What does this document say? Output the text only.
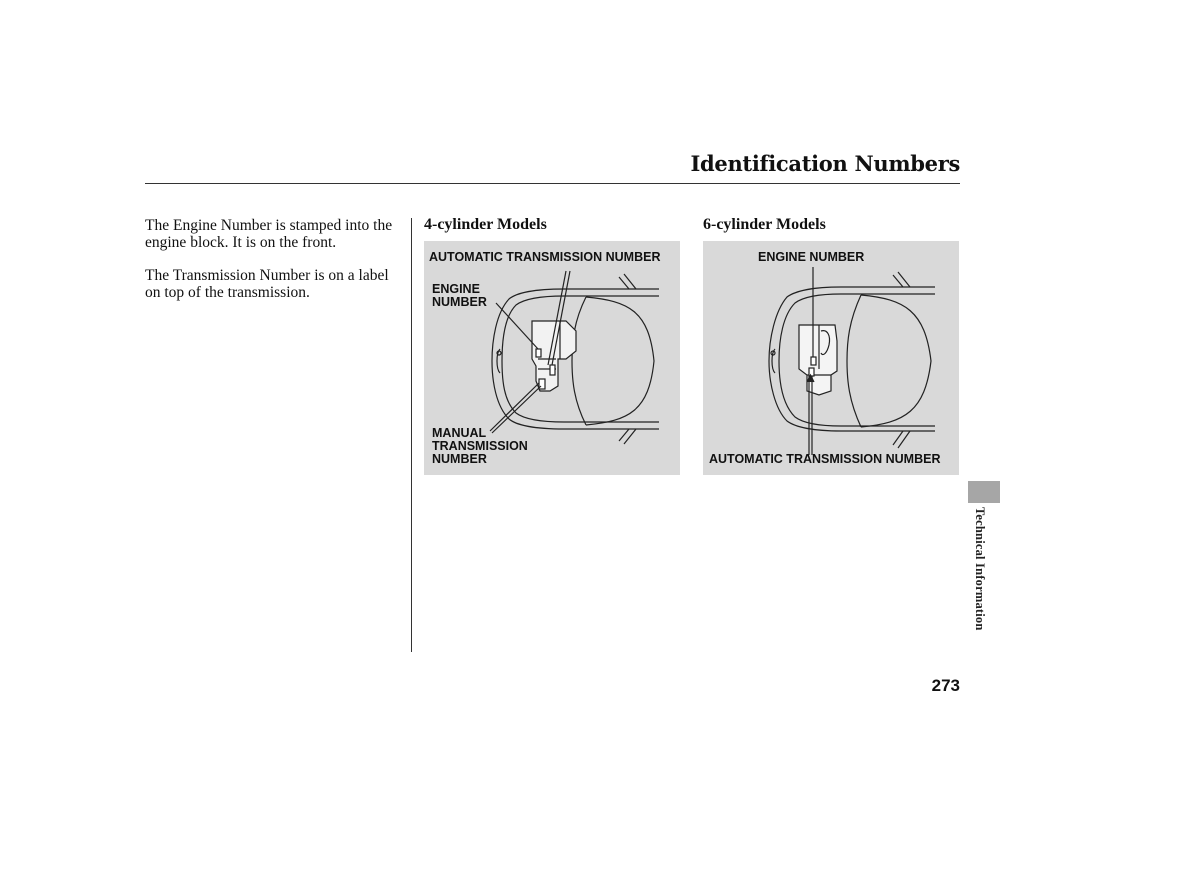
Identification Numbers
The Engine Number is stamped into the engine block. It is on the front.
The Transmission Number is on a label on top of the transmission.
4-cylinder Models	6-cylinder Models
AUTOMATIC TRANSMISSION NUMBER
ENGINE
NUMBER
MANUAL
TRANSMISSION
NUMBER
ENGINE NUMBER
AUTOMATIC TRANSMISSION NUMBER
Technical Information
273
